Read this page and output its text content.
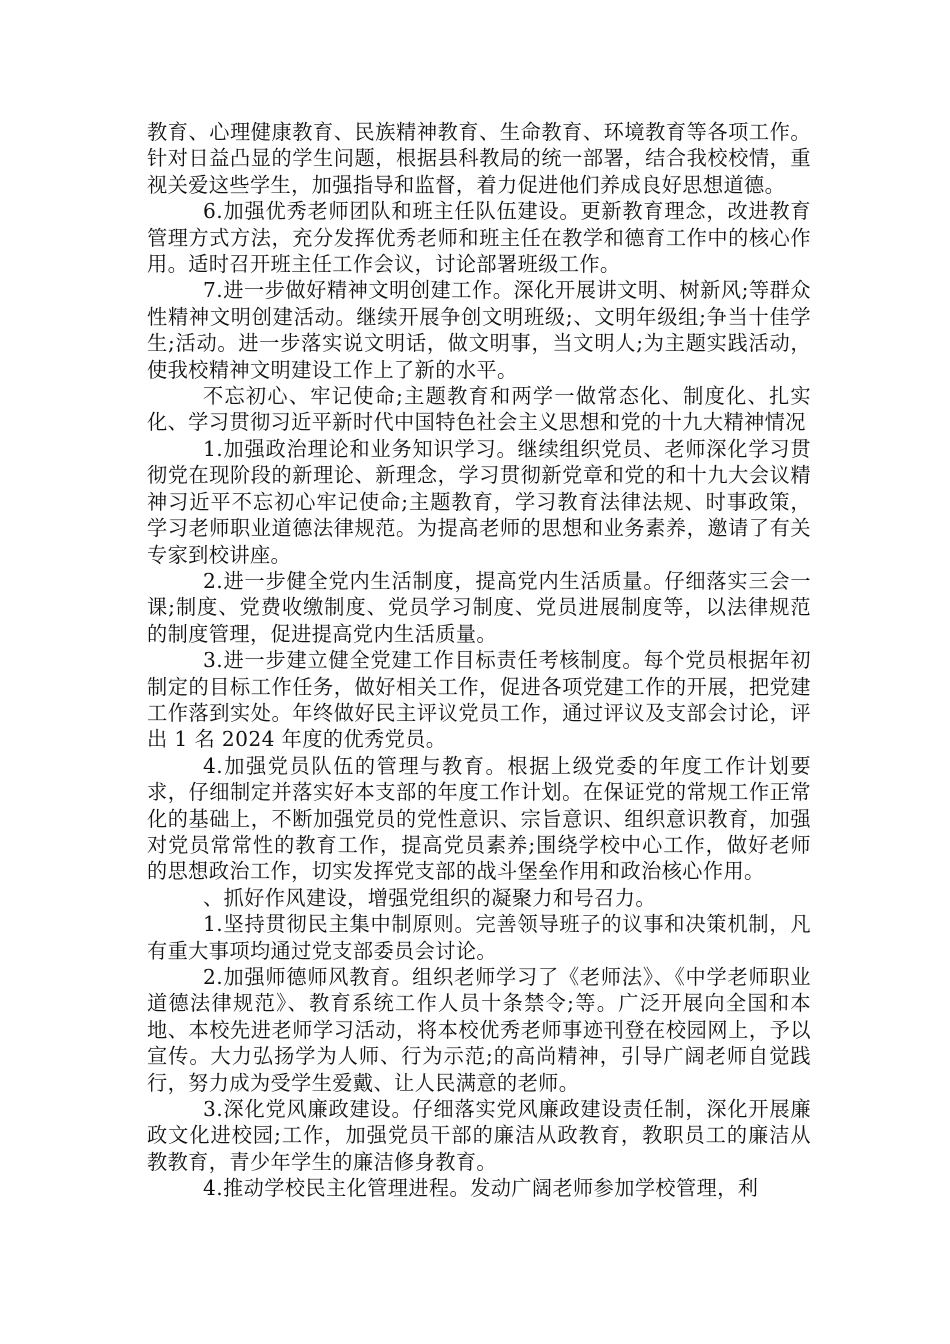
教育、心理健康教育、民族精神教育、生命教育、环境教育等各项工作。针对日益凸显的学生问题，根据县科教局的统一部署，结合我校校情，重视关爱这些学生，加强指导和监督，着力促进他们养成良好思想道德。

6.加强优秀老师团队和班主任队伍建设。更新教育理念，改进教育管理方式方法，充分发挥优秀老师和班主任在教学和德育工作中的核心作用。适时召开班主任工作会议，讨论部署班级工作。

7.进一步做好精神文明创建工作。深化开展讲文明、树新风;等群众性精神文明创建活动。继续开展争创文明班级;、文明年级组;争当十佳学生;活动。进一步落实说文明话，做文明事，当文明人;为主题实践活动，使我校精神文明建设工作上了新的水平。

不忘初心、牢记使命;主题教育和两学一做常态化、制度化、扎实化、学习贯彻习近平新时代中国特色社会主义思想和党的十九大精神情况

1.加强政治理论和业务知识学习。继续组织党员、老师深化学习贯彻党在现阶段的新理论、新理念，学习贯彻新党章和党的和十九大会议精神习近平不忘初心牢记使命;主题教育，学习教育法律法规、时事政策，学习老师职业道德法律规范。为提高老师的思想和业务素养，邀请了有关专家到校讲座。

2.进一步健全党内生活制度，提高党内生活质量。仔细落实三会一课;制度、党费收缴制度、党员学习制度、党员进展制度等，以法律规范的制度管理，促进提高党内生活质量。

3.进一步建立健全党建工作目标责任考核制度。每个党员根据年初制定的目标工作任务，做好相关工作，促进各项党建工作的开展，把党建工作落到实处。年终做好民主评议党员工作，通过评议及支部会讨论，评出 1 名 2024 年度的优秀党员。

4.加强党员队伍的管理与教育。根据上级党委的年度工作计划要求，仔细制定并落实好本支部的年度工作计划。在保证党的常规工作正常化的基础上，不断加强党员的党性意识、宗旨意识、组织意识教育，加强对党员常常性的教育工作，提高党员素养;围绕学校中心工作，做好老师的思想政治工作，切实发挥党支部的战斗堡垒作用和政治核心作用。

、抓好作风建设，增强党组织的凝聚力和号召力。

1.坚持贯彻民主集中制原则。完善领导班子的议事和决策机制，凡有重大事项均通过党支部委员会讨论。

2.加强师德师风教育。组织老师学习了《老师法》、《中学老师职业道德法律规范》、教育系统工作人员十条禁令;等。广泛开展向全国和本地、本校先进老师学习活动，将本校优秀老师事迹刊登在校园网上，予以宣传。大力弘扬学为人师、行为示范;的高尚精神，引导广阔老师自觉践行，努力成为受学生爱戴、让人民满意的老师。

3.深化党风廉政建设。仔细落实党风廉政建设责任制，深化开展廉政文化进校园;工作，加强党员干部的廉洁从政教育，教职员工的廉洁从教教育，青少年学生的廉洁修身教育。

4.推动学校民主化管理进程。发动广阔老师参加学校管理，利
